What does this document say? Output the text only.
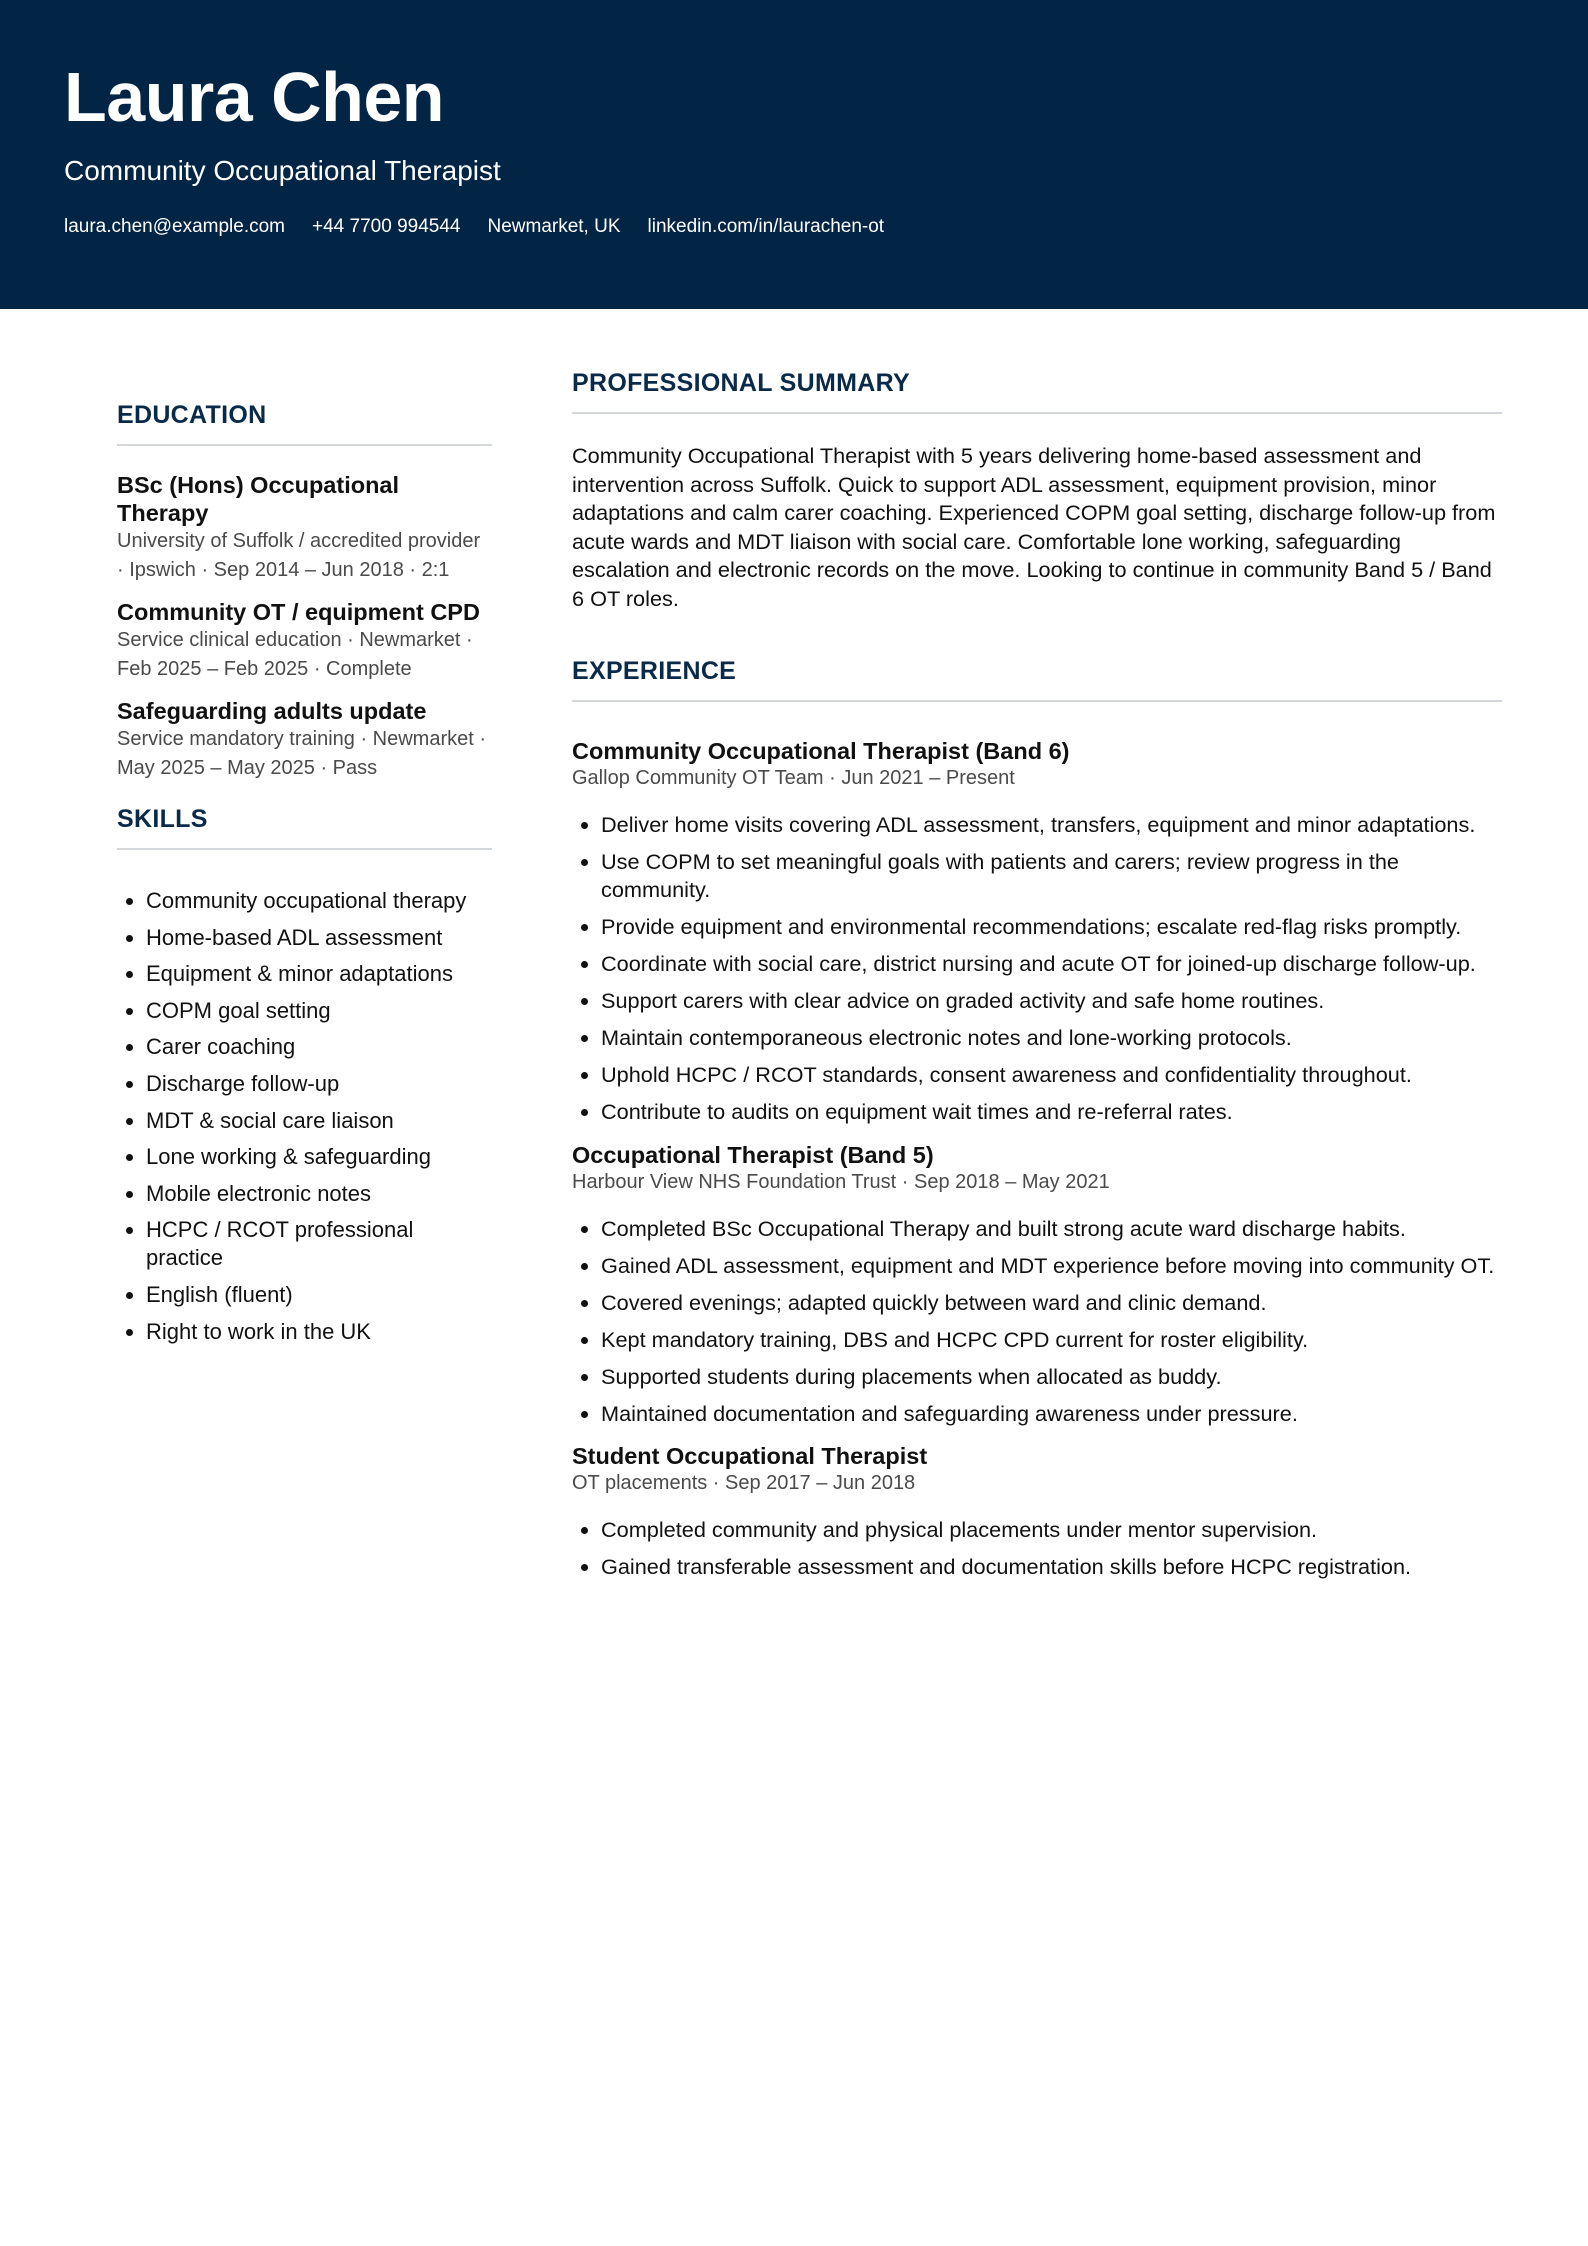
Laura Chen
Community Occupational Therapist
laura.chen@example.com +44 7700 994544 Newmarket, UK linkedin.com/in/laurachen-ot
EDUCATION
BSc (Hons) Occupational Therapy
University of Suffolk / accredited provider · Ipswich · Sep 2014 – Jun 2018 · 2:1
Community OT / equipment CPD
Service clinical education · Newmarket · Feb 2025 – Feb 2025 · Complete
Safeguarding adults update
Service mandatory training · Newmarket · May 2025 – May 2025 · Pass
SKILLS
• Community occupational therapy
• Home-based ADL assessment
• Equipment & minor adaptations
• COPM goal setting
• Carer coaching
• Discharge follow-up
• MDT & social care liaison
• Lone working & safeguarding
• Mobile electronic notes
• HCPC / RCOT professional practice
• English (fluent)
• Right to work in the UK
PROFESSIONAL SUMMARY
Community Occupational Therapist with 5 years delivering home-based assessment and intervention across Suffolk. Quick to support ADL assessment, equipment provision, minor adaptations and calm carer coaching. Experienced COPM goal setting, discharge follow-up from acute wards and MDT liaison with social care. Comfortable lone working, safeguarding escalation and electronic records on the move. Looking to continue in community Band 5 / Band 6 OT roles.
EXPERIENCE
Community Occupational Therapist (Band 6)
Gallop Community OT Team · Jun 2021 – Present
• Deliver home visits covering ADL assessment, transfers, equipment and minor adaptations.
• Use COPM to set meaningful goals with patients and carers; review progress in the community.
• Provide equipment and environmental recommendations; escalate red-flag risks promptly.
• Coordinate with social care, district nursing and acute OT for joined-up discharge follow-up.
• Support carers with clear advice on graded activity and safe home routines.
• Maintain contemporaneous electronic notes and lone-working protocols.
• Uphold HCPC / RCOT standards, consent awareness and confidentiality throughout.
• Contribute to audits on equipment wait times and re-referral rates.
Occupational Therapist (Band 5)
Harbour View NHS Foundation Trust · Sep 2018 – May 2021
• Completed BSc Occupational Therapy and built strong acute ward discharge habits.
• Gained ADL assessment, equipment and MDT experience before moving into community OT.
• Covered evenings; adapted quickly between ward and clinic demand.
• Kept mandatory training, DBS and HCPC CPD current for roster eligibility.
• Supported students during placements when allocated as buddy.
• Maintained documentation and safeguarding awareness under pressure.
Student Occupational Therapist
OT placements · Sep 2017 – Jun 2018
• Completed community and physical placements under mentor supervision.
• Gained transferable assessment and documentation skills before HCPC registration.
